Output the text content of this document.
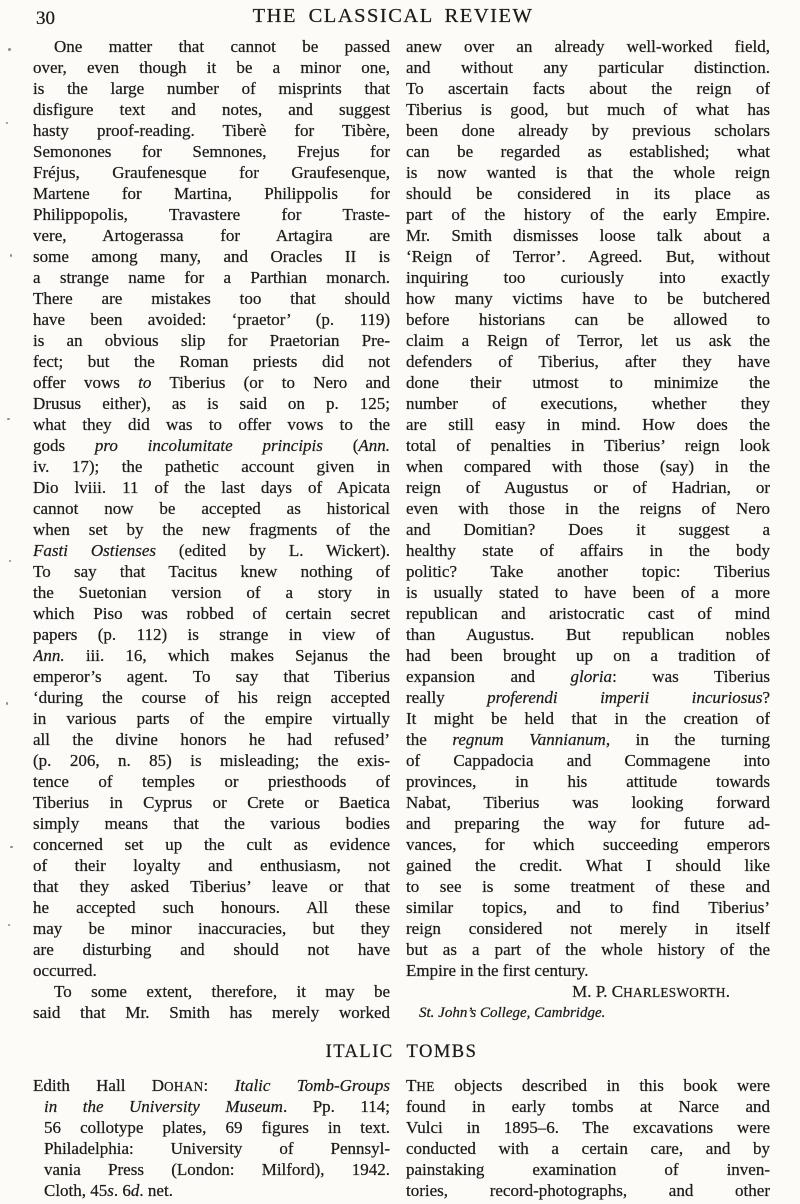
30	THE CLASSICAL REVIEW
One matter that cannot be passed
over, even though it be a minor one,
is the large number of misprints that
disfigure text and notes, and suggest
hasty proof-reading. Tiberè for Tibère,
Semonones for Semnones, Frejus for
Fréjus, Graufenesque for Graufesenque,
Martene for Martina, Philippolis for
Philippopolis, Travastere for Traste-
vere, Artogerassa for Artagira are
some among many, and Oracles II is
a strange name for a Parthian monarch.
There are mistakes too that should
have been avoided: ‘praetor’ (p. 119)
is an obvious slip for Praetorian Pre-
fect; but the Roman priests did not
offer vows to Tiberius (or to Nero and
Drusus either), as is said on p. 125;
what they did was to offer vows to the
gods pro incolumitate principis (Ann.
iv. 17); the pathetic account given in
Dio lviii. 11 of the last days of Apicata
cannot now be accepted as historical
when set by the new fragments of the
Fasti Ostienses (edited by L. Wickert).
To say that Tacitus knew nothing of
the Suetonian version of a story in
which Piso was robbed of certain secret
papers (p. 112) is strange in view of
Ann. iii. 16, which makes Sejanus the
emperor’s agent. To say that Tiberius
‘during the course of his reign accepted
in various parts of the empire virtually
all the divine honors he had refused’
(p. 206, n. 85) is misleading; the exis-
tence of temples or priesthoods of
Tiberius in Cyprus or Crete or Baetica
simply means that the various bodies
concerned set up the cult as evidence
of their loyalty and enthusiasm, not
that they asked Tiberius’ leave or that
he accepted such honours. All these
may be minor inaccuracies, but they
are disturbing and should not have
occurred.
To some extent, therefore, it may be
said that Mr. Smith has merely worked
anew over an already well-worked field,
and without any particular distinction.
To ascertain facts about the reign of
Tiberius is good, but much of what has
been done already by previous scholars
can be regarded as established; what
is now wanted is that the whole reign
should be considered in its place as
part of the history of the early Empire.
Mr. Smith dismisses loose talk about a
‘Reign of Terror’. Agreed. But, without
inquiring too curiously into exactly
how many victims have to be butchered
before historians can be allowed to
claim a Reign of Terror, let us ask the
defenders of Tiberius, after they have
done their utmost to minimize the
number of executions, whether they
are still easy in mind. How does the
total of penalties in Tiberius’ reign look
when compared with those (say) in the
reign of Augustus or of Hadrian, or
even with those in the reigns of Nero
and Domitian? Does it suggest a
healthy state of affairs in the body
politic? Take another topic: Tiberius
is usually stated to have been of a more
republican and aristocratic cast of mind
than Augustus. But republican nobles
had been brought up on a tradition of
expansion and gloria: was Tiberius
really proferendi imperii incuriosus?
It might be held that in the creation of
the regnum Vannianum, in the turning
of Cappadocia and Commagene into
provinces, in his attitude towards
Nabat, Tiberius was looking forward
and preparing the way for future ad-
vances, for which succeeding emperors
gained the credit. What I should like
to see is some treatment of these and
similar topics, and to find Tiberius’
reign considered not merely in itself
but as a part of the whole history of the
Empire in the first century.
M. P. CHARLESWORTH.
St. John’s College, Cambridge.
ITALIC TOMBS
Edith Hall DOHAN: Italic Tomb-Groups
in the University Museum. Pp. 114;
56 collotype plates, 69 figures in text.
Philadelphia: University of Pennsyl-
vania Press (London: Milford), 1942.
Cloth, 45s. 6d. net.
THE objects described in this book were
found in early tombs at Narce and
Vulci in 1895–6. The excavations were
conducted with a certain care, and by
painstaking examination of inven-
tories, record-photographs, and other
